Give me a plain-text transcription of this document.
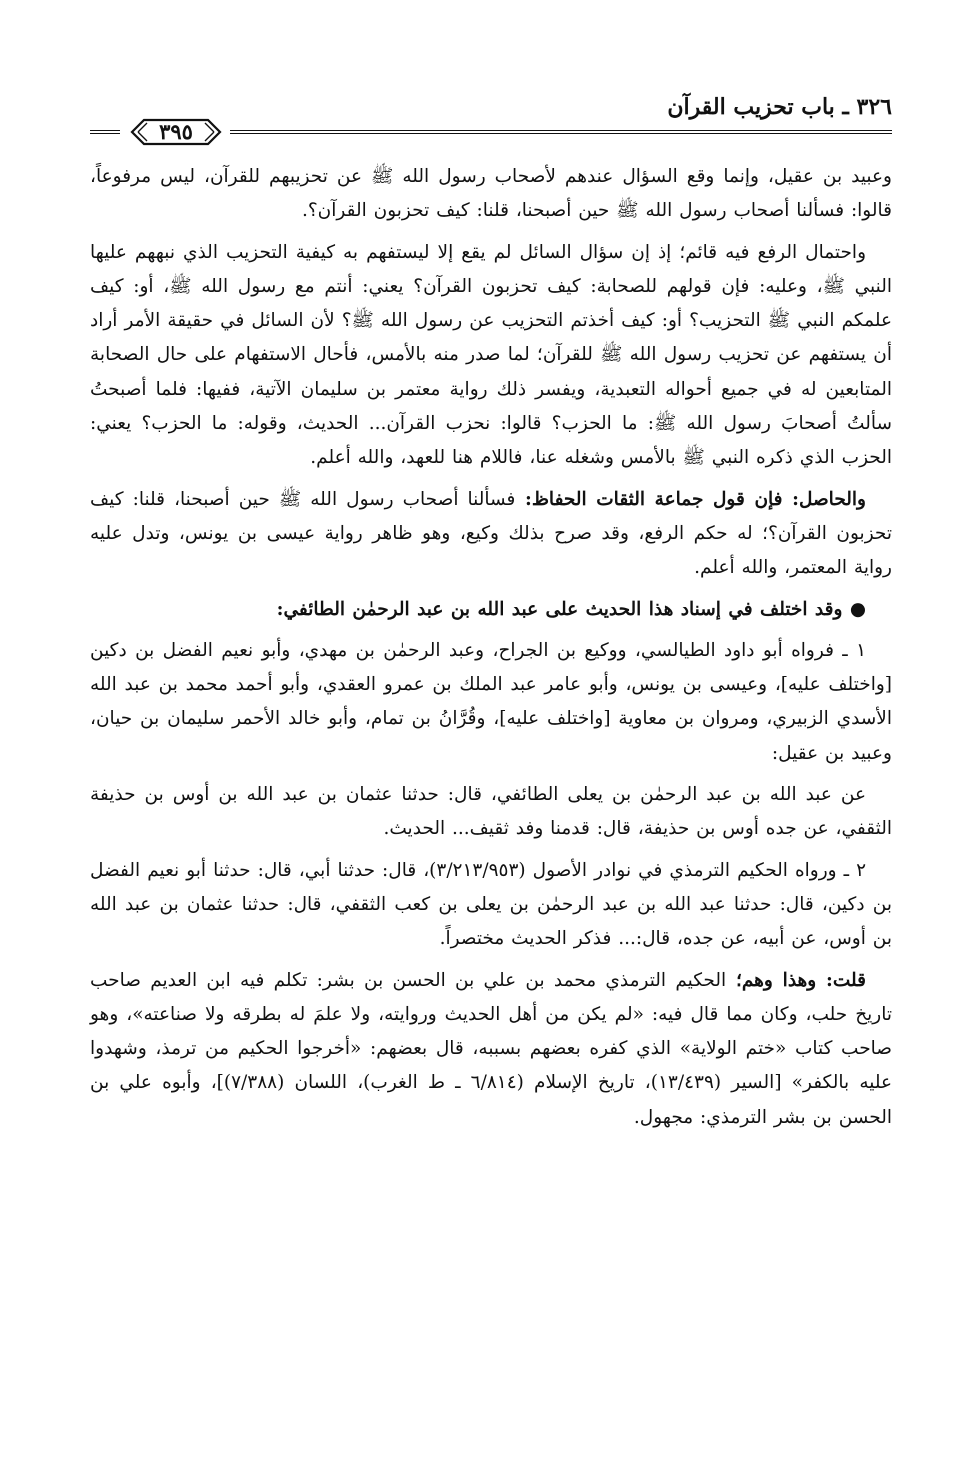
٣٢٦ ـ باب تحزيب القرآن
٣٩٥

وعبيد بن عقيل، وإنما وقع السؤال عندهم لأصحاب رسول الله ﷺ عن تحزيبهم للقرآن، ليس مرفوعاً، قالوا: فسألنا أصحاب رسول الله ﷺ حين أصبحنا، قلنا: كيف تحزبون القرآن؟.

واحتمال الرفع فيه قائم؛ إذ إن سؤال السائل لم يقع إلا ليستفهم به كيفية التحزيب الذي نبههم عليها النبي ﷺ، وعليه: فإن قولهم للصحابة: كيف تحزبون القرآن؟ يعني: أنتم مع رسول الله ﷺ، أو: كيف علمكم النبي ﷺ التحزيب؟ أو: كيف أخذتم التحزيب عن رسول الله ﷺ؟ لأن السائل في حقيقة الأمر أراد أن يستفهم عن تحزيب رسول الله ﷺ للقرآن؛ لما صدر منه بالأمس، فأحال الاستفهام على حال الصحابة المتابعين له في جميع أحواله التعبدية، ويفسر ذلك رواية معتمر بن سليمان الآتية، ففيها: فلما أصبحتُ سألتُ أصحابَ رسول الله ﷺ: ما الحزب؟ قالوا: نحزب القرآن... الحديث، وقوله: ما الحزب؟ يعني: الحزب الذي ذكره النبي ﷺ بالأمس وشغله عنا، فاللام هنا للعهد، والله أعلم.

والحاصل: فإن قول جماعة الثقات الحفاظ: فسألنا أصحاب رسول الله ﷺ حين أصبحنا، قلنا: كيف تحزبون القرآن؟؛ له حكم الرفع، وقد صرح بذلك وكيع، وهو ظاهر رواية عيسى بن يونس، وتدل عليه رواية المعتمر، والله أعلم.

● وقد اختلف في إسناد هذا الحديث على عبد الله بن عبد الرحمٰن الطائفي:

١ ـ فرواه أبو داود الطيالسي، ووكيع بن الجراح، وعبد الرحمٰن بن مهدي، وأبو نعيم الفضل بن دكين [واختلف عليه]، وعيسى بن يونس، وأبو عامر عبد الملك بن عمرو العقدي، وأبو أحمد محمد بن عبد الله الأسدي الزبيري، ومروان بن معاوية [واختلف عليه]، وقُرَّانُ بن تمام، وأبو خالد الأحمر سليمان بن حيان، وعبيد بن عقيل:

عن عبد الله بن عبد الرحمٰن بن يعلى الطائفي، قال: حدثنا عثمان بن عبد الله بن أوس بن حذيفة الثقفي، عن جده أوس بن حذيفة، قال: قدمنا وفد ثقيف... الحديث.

٢ ـ ورواه الحكيم الترمذي في نوادر الأصول (٣/٢١٣/٩٥٣)، قال: حدثنا أبي، قال: حدثنا أبو نعيم الفضل بن دكين، قال: حدثنا عبد الله بن عبد الرحمٰن بن يعلى بن كعب الثقفي، قال: حدثنا عثمان بن عبد الله بن أوس، عن أبيه، عن جده، قال:... فذكر الحديث مختصراً.

قلت: وهذا وهم؛ الحكيم الترمذي محمد بن علي بن الحسن بن بشر: تكلم فيه ابن العديم صاحب تاريخ حلب، وكان مما قال فيه: «لم يكن من أهل الحديث وروايته، ولا علمَ له بطرقه ولا صناعته»، وهو صاحب كتاب «ختم الولاية» الذي كفره بعضهم بسببه، قال بعضهم: «أخرجوا الحكيم من ترمذ، وشهدوا عليه بالكفر» [السير (١٣/٤٣٩)، تاريخ الإسلام (٦/٨١٤ ـ ط الغرب)، اللسان (٧/٣٨٨)]، وأبوه علي بن الحسن بن بشر الترمذي: مجهول.
